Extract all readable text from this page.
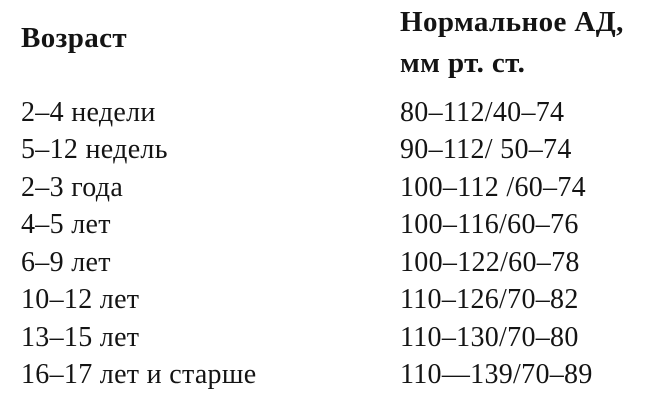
Возраст	Нормальное АД,
мм рт. ст.
2–4 недели	80–112/40–74
5–12 недель	90–112/ 50–74
2–3 года	100–112 /60–74
4–5 лет	100–116/60–76
6–9 лет	100–122/60–78
10–12 лет	110–126/70–82
13–15 лет	110–130/70–80
16–17 лет и старше	110—139/70–89
